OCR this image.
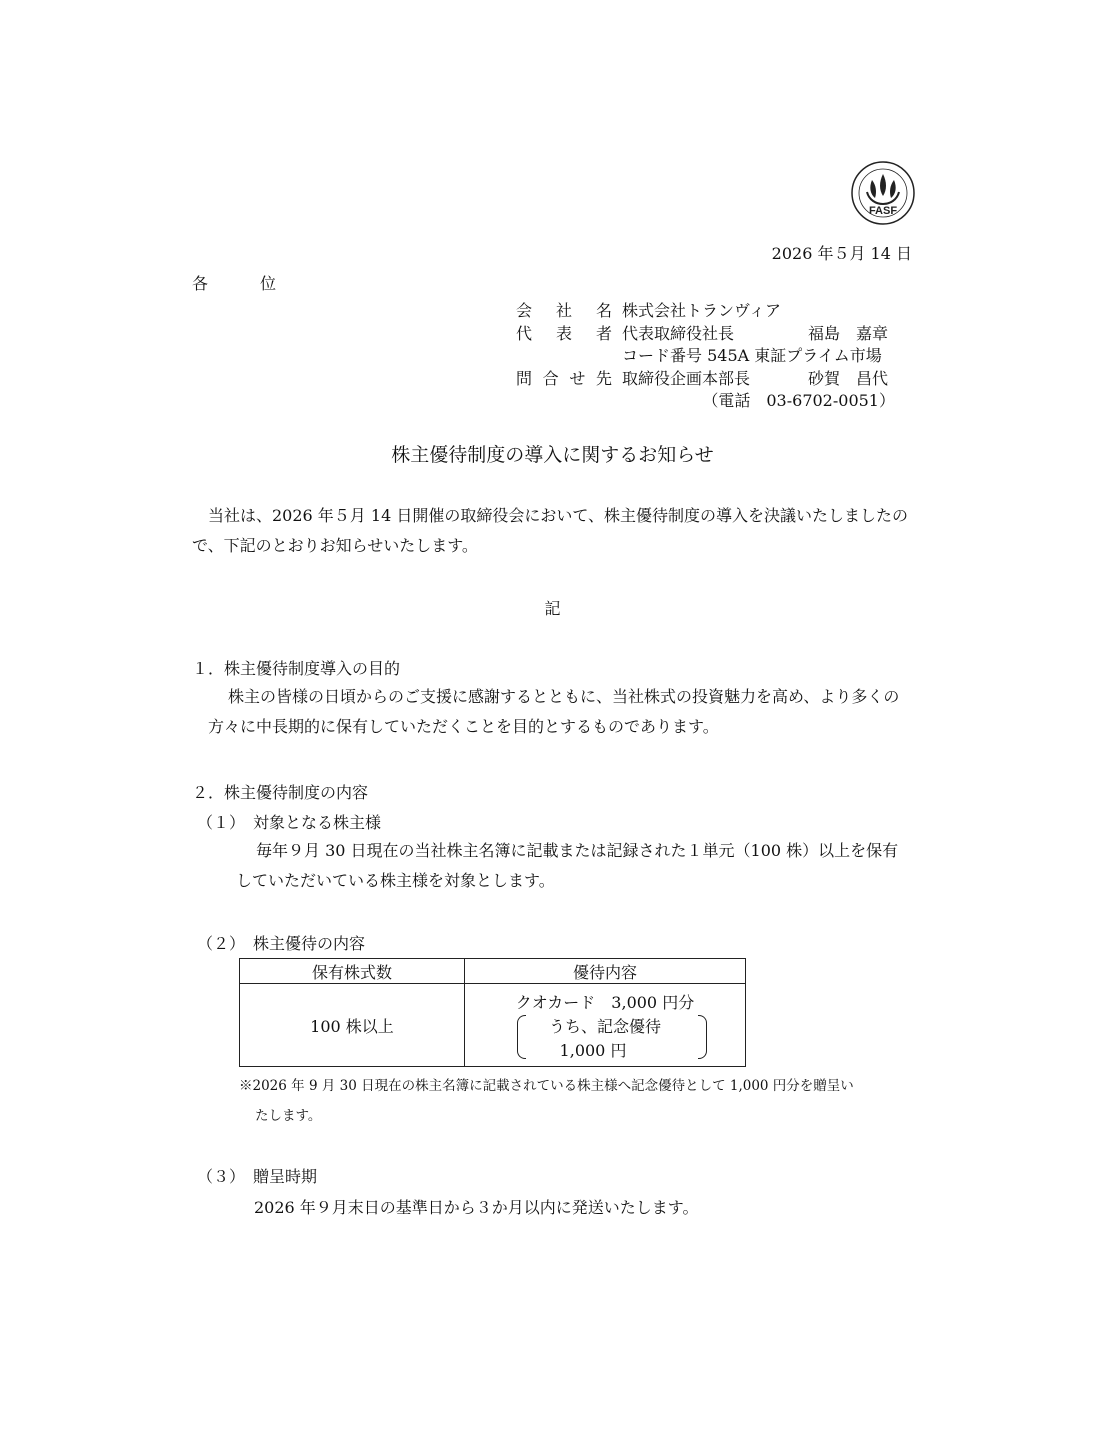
FASF
2026 年５月 14 日
各	位
会 社 名 株式会社トランヴィア
代 表 者 代表取締役社長	福島　嘉章
コード番号 545A 東証プライム市場
問 合 せ 先 取締役企画本部長	砂賀　昌代
（電話　03-6702-0051）
株主優待制度の導入に関するお知らせ
当社は、2026 年５月 14 日開催の取締役会において、株主優待制度の導入を決議いたしましたので、下記のとおりお知らせいたします。
記
１．株主優待制度導入の目的
株主の皆様の日頃からのご支援に感謝するとともに、当社株式の投資魅力を高め、より多くの方々に中長期的に保有していただくことを目的とするものであります。
２．株主優待制度の内容
（１）　対象となる株主様
毎年９月 30 日現在の当社株主名簿に記載または記録された１単元（100 株）以上を保有していただいている株主様を対象とします。
（２）　株主優待の内容
保有株式数	優待内容
100 株以上	クオカード　3,000 円分
うち、記念優待
1,000 円
※2026 年 9 月 30 日現在の株主名簿に記載されている株主様へ記念優待として 1,000 円分を贈呈い
たします。
（３）　贈呈時期
2026 年９月末日の基準日から３か月以内に発送いたします。
